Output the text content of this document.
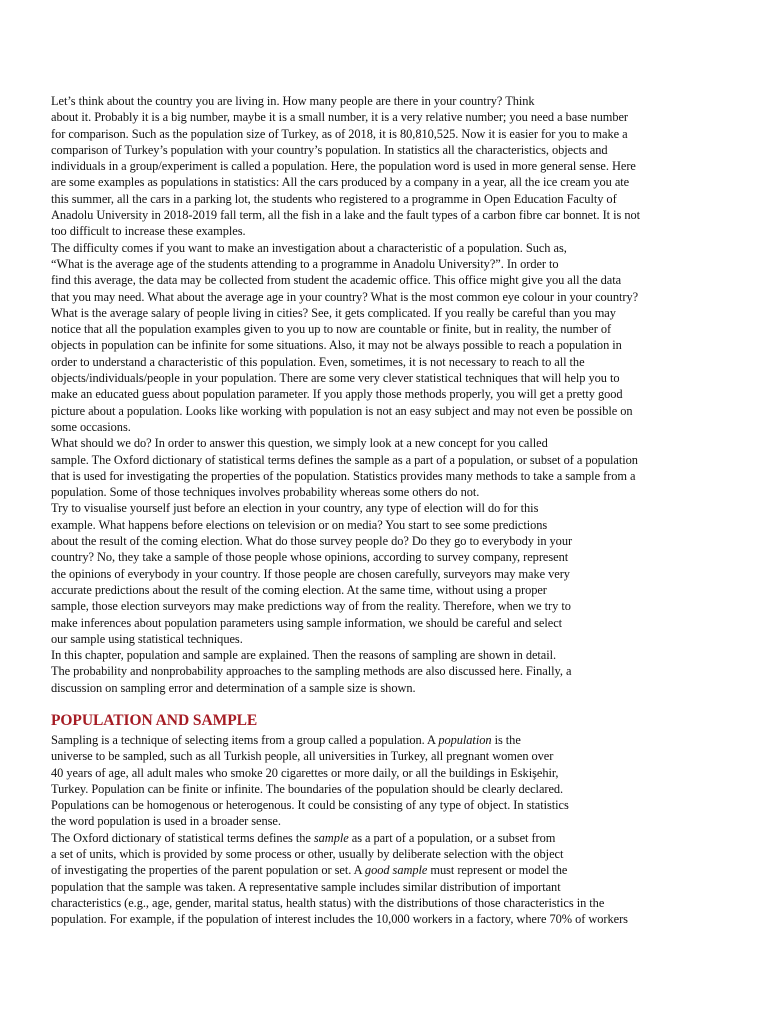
Let’s think about the country you are living in. How many people are there in your country? Think
about it. Probably it is a big number, maybe it is a small number, it is a very relative number; you need a base number
for comparison. Such as the population size of Turkey, as of 2018, it is 80,810,525. Now it is easier for you to make a
comparison of Turkey’s population with your country’s population. In statistics all the characteristics, objects and
individuals in a group/experiment is called a population. Here, the population word is used in more general sense. Here
are some examples as populations in statistics: All the cars produced by a company in a year, all the ice cream you ate
this summer, all the cars in a parking lot, the students who registered to a programme in Open Education Faculty of
Anadolu University in 2018-2019 fall term, all the fish in a lake and the fault types of a carbon fibre car bonnet. It is not
too difficult to increase these examples.
The difficulty comes if you want to make an investigation about a characteristic of a population. Such as,
“What is the average age of the students attending to a programme in Anadolu University?”. In order to
find this average, the data may be collected from student the academic office. This office might give you all the data
that you may need. What about the average age in your country? What is the most common eye colour in your country?
What is the average salary of people living in cities? See, it gets complicated. If you really be careful than you may
notice that all the population examples given to you up to now are countable or finite, but in reality, the number of
objects in population can be infinite for some situations. Also, it may not be always possible to reach a population in
order to understand a characteristic of this population. Even, sometimes, it is not necessary to reach to all the
objects/individuals/people in your population. There are some very clever statistical techniques that will help you to
make an educated guess about population parameter. If you apply those methods properly, you will get a pretty good
picture about a population. Looks like working with population is not an easy subject and may not even be possible on
some occasions.
What should we do? In order to answer this question, we simply look at a new concept for you called
sample. The Oxford dictionary of statistical terms defines the sample as a part of a population, or subset of a population
that is used for investigating the properties of the population. Statistics provides many methods to take a sample from a
population. Some of those techniques involves probability whereas some others do not.
Try to visualise yourself just before an election in your country, any type of election will do for this
example. What happens before elections on television or on media? You start to see some predictions
about the result of the coming election. What do those survey people do? Do they go to everybody in your
country? No, they take a sample of those people whose opinions, according to survey company, represent
the opinions of everybody in your country. If those people are chosen carefully, surveyors may make very
accurate predictions about the result of the coming election. At the same time, without using a proper
sample, those election surveyors may make predictions way of from the reality. Therefore, when we try to
make inferences about population parameters using sample information, we should be careful and select
our sample using statistical techniques.
In this chapter, population and sample are explained. Then the reasons of sampling are shown in detail.
The probability and nonprobability approaches to the sampling methods are also discussed here. Finally, a
discussion on sampling error and determination of a sample size is shown.
POPULATION AND SAMPLE
Sampling is a technique of selecting items from a group called a population. A population is the
universe to be sampled, such as all Turkish people, all universities in Turkey, all pregnant women over
40 years of age, all adult males who smoke 20 cigarettes or more daily, or all the buildings in Eskişehir,
Turkey. Population can be finite or infinite. The boundaries of the population should be clearly declared.
Populations can be homogenous or heterogenous. It could be consisting of any type of object. In statistics
the word population is used in a broader sense.
The Oxford dictionary of statistical terms defines the sample as a part of a population, or a subset from
a set of units, which is provided by some process or other, usually by deliberate selection with the object
of investigating the properties of the parent population or set. A good sample must represent or model the
population that the sample was taken. A representative sample includes similar distribution of important
characteristics (e.g., age, gender, marital status, health status) with the distributions of those characteristics in the
population. For example, if the population of interest includes the 10,000 workers in a factory, where 70% of workers
